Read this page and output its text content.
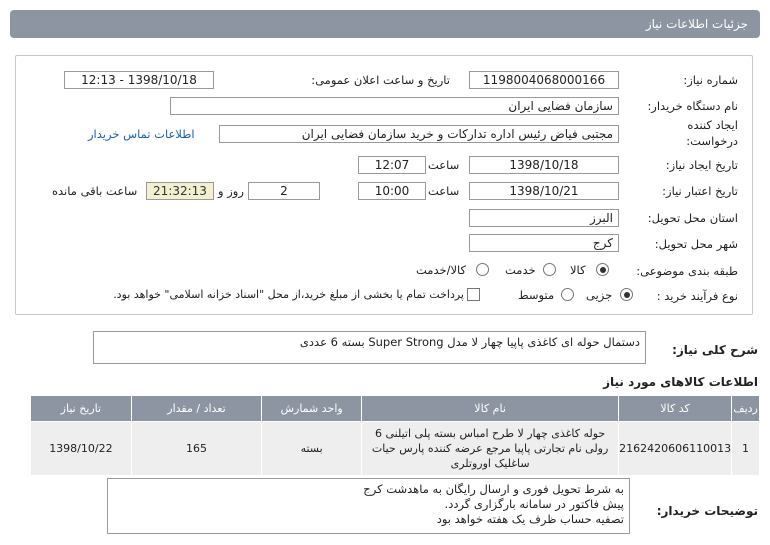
جزئیات اطلاعات نیاز
شماره نیاز:
1198004068000166
تاریخ و ساعت اعلان عمومی:
1398/10/18 - 12:13
نام دستگاه خریدار:
سازمان فضایی ایران
ایجاد کننده
درخواست:
مجتبی فیاض رئیس اداره تدارکات و خرید سازمان فضایی ایران
اطلاعات تماس خریدار
تاریخ ایجاد نیاز:
1398/10/18
ساعت
12:07
تاریخ اعتبار نیاز:
1398/10/21
ساعت
10:00
2
روز و
21:32:13
ساعت باقی مانده
استان محل تحویل:
البرز
شهر محل تحویل:
کرج
طبقه بندی موضوعی:
کالا
خدمت
کالا/خدمت
نوع فرآیند خرید :
جزیی
متوسط
پرداخت تمام یا بخشی از مبلغ خرید،از محل "اسناد خزانه اسلامی" خواهد بود.
شرح کلی نیاز:
دستمال حوله ای کاغذی پاپیا چهار لا مدل Super Strong بسته 6 عددی
اطلاعات کالاهای مورد نیاز
ردیف	کد کالا	نام کالا	واحد شمارش	تعداد / مقدار	تاریخ نیاز
1	2162420606110013	حوله کاغذی چهار لا طرح امباس بسته پلی اتیلنی 6 رولی نام تجارتی پاپیا مرجع عرضه کننده پارس حیات ساغلیک اوروتلری	بسته	165	1398/10/22
توضیحات خریدار:
به شرط تحویل فوری و ارسال رایگان به ماهدشت کرج
پیش فاکتور در سامانه بارگزاری گردد.
تصفیه حساب ظرف یک هفته خواهد بود
